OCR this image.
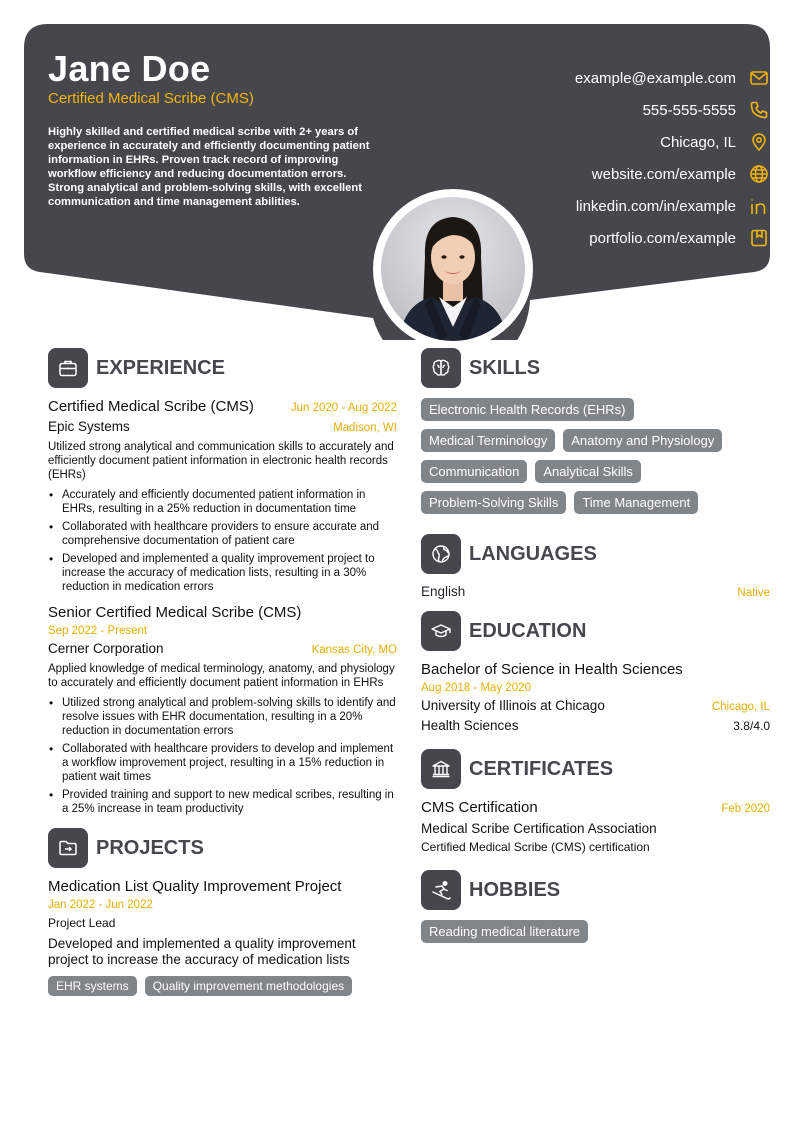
Jane Doe
Certified Medical Scribe (CMS)
Highly skilled and certified medical scribe with 2+ years of experience in accurately and efficiently documenting patient information in EHRs. Proven track record of improving workflow efficiency and reducing documentation errors. Strong analytical and problem-solving skills, with excellent communication and time management abilities.
example@example.com
555-555-5555
Chicago, IL
website.com/example
linkedin.com/in/example
portfolio.com/example
EXPERIENCE
Certified Medical Scribe (CMS)	Jun 2020 - Aug 2022
Epic Systems	Madison, WI
Utilized strong analytical and communication skills to accurately and efficiently document patient information in electronic health records (EHRs)
• Accurately and efficiently documented patient information in EHRs, resulting in a 25% reduction in documentation time
• Collaborated with healthcare providers to ensure accurate and comprehensive documentation of patient care
• Developed and implemented a quality improvement project to increase the accuracy of medication lists, resulting in a 30% reduction in medication errors
Senior Certified Medical Scribe (CMS)
Sep 2022 - Present
Cerner Corporation	Kansas City, MO
Applied knowledge of medical terminology, anatomy, and physiology to accurately and efficiently document patient information in EHRs
• Utilized strong analytical and problem-solving skills to identify and resolve issues with EHR documentation, resulting in a 20% reduction in documentation errors
• Collaborated with healthcare providers to develop and implement a workflow improvement project, resulting in a 15% reduction in patient wait times
• Provided training and support to new medical scribes, resulting in a 25% increase in team productivity
PROJECTS
Medication List Quality Improvement Project
Jan 2022 - Jun 2022
Project Lead
Developed and implemented a quality improvement project to increase the accuracy of medication lists
EHR systems	Quality improvement methodologies
SKILLS
Electronic Health Records (EHRs)
Medical Terminology	Anatomy and Physiology
Communication	Analytical Skills
Problem-Solving Skills	Time Management
LANGUAGES
English	Native
EDUCATION
Bachelor of Science in Health Sciences
Aug 2018 - May 2020
University of Illinois at Chicago	Chicago, IL
Health Sciences	3.8/4.0
CERTIFICATES
CMS Certification	Feb 2020
Medical Scribe Certification Association
Certified Medical Scribe (CMS) certification
HOBBIES
Reading medical literature
